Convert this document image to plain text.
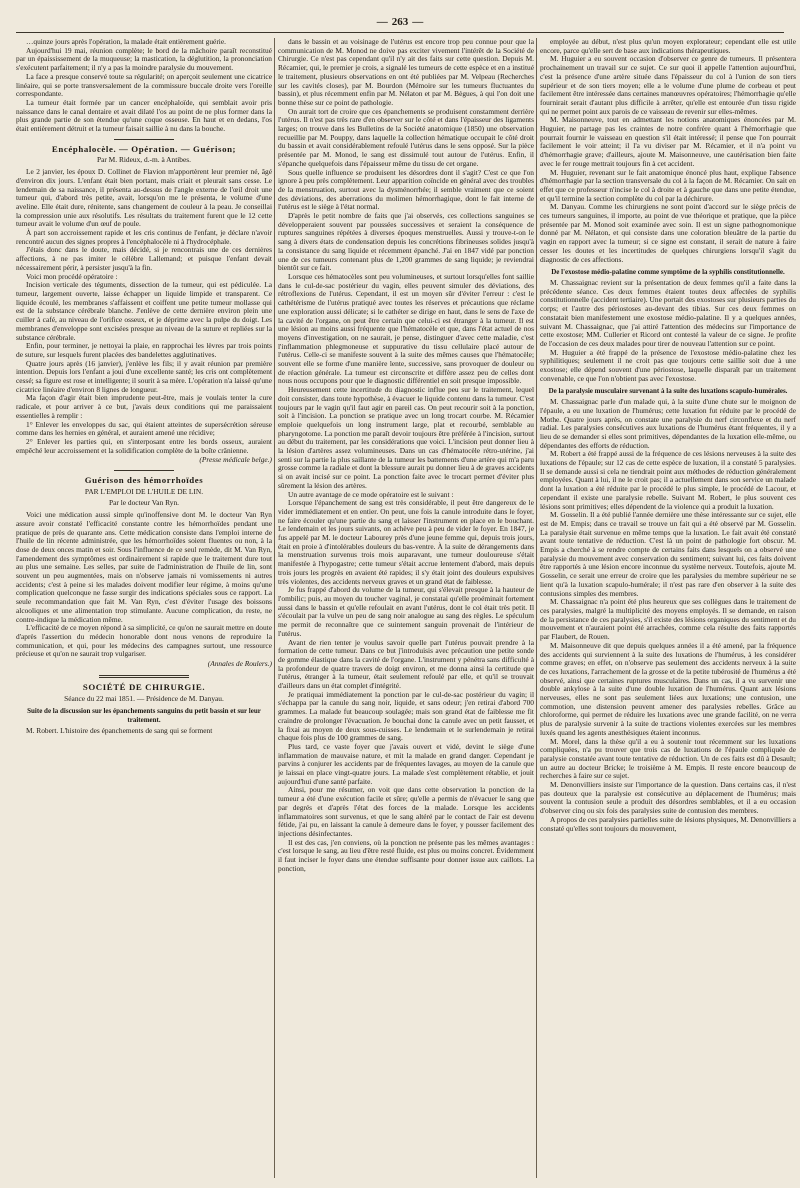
— 263 —

…quinze jours après l'opération, la malade était entièrement guérie.

Aujourd'hui 19 mai, réunion complète; le bord de la mâchoire paraît reconstitué par un épaississement de la muqueuse; la mastication, la déglutition, la prononciation s'exécutent parfaitement; il n'y a pas la moindre paralysie du mouvement.

La face a presque conservé toute sa régularité; on aperçoit seulement une cicatrice linéaire, qui se porte transversalement de la commissure buccale droite vers l'oreille correspondante.

La tumeur était formée par un cancer encéphaloïde, qui semblait avoir pris naissance dans le canal dentaire et avait dilaté l'os au point de ne plus former dans la plus grande partie de son étendue qu'une coque osseuse. En haut et en dedans, l'os était entièrement détruit et la tumeur faisait saillie à nu dans la bouche.

Encéphalocèle. — Opération. — Guérison;

Par M. Rideux, d.-m. à Antibes.

Le 2 janvier, les époux D. Collinet de Flavion m'apportèrent leur premier né, âgé d'environ dix jours. L'enfant était bien portant, mais criait et pleurait sans cesse. Le lendemain de sa naissance, il présenta au-dessus de l'angle externe de l'œil droit une tumeur qui, d'abord très petite, avait, lorsqu'on me le présenta, le volume d'une aveline. Elle était dure, rénitente, sans changement de couleur à la peau. Je conseillai la compression unie aux résolutifs. Les résultats du traitement furent que le 12 cette tumeur avait le volume d'un œuf de poule.

À part son accroissement rapide et les cris continus de l'enfant, je déclare n'avoir rencontré aucun des signes propres à l'encéphalocèle ni à l'hydrocéphale.

J'étais donc dans le doute, mais décidé, si je rencontrais une de ces dernières affections, à ne pas imiter le célèbre Lallemand; et puisque l'enfant devait nécessairement périr, à persister jusqu'à la fin.

Voici mon procédé opératoire :

Incision verticale des téguments, dissection de la tumeur, qui est pédiculée. La tumeur, largement ouverte, laisse échapper un liquide limpide et transparent. Ce liquide écoulé, les membranes s'affaissent et coiffent une petite tumeur mollasse qui est de la substance cérébrale blanche. J'enlève de cette dernière environ plein une cuiller à café, au niveau de l'orifice osseux, et je déprime avec la pulpe du doigt. Les membranes d'enveloppe sont excisées presque au niveau de la suture et repliées sur la substance cérébrale.

Enfin, pour terminer, je nettoyai la plaie, en rapprochai les lèvres par trois points de suture, sur lesquels furent placées des bandelettes agglutinatives.

Quatre jours après (16 janvier), j'enlève les fils; il y avait réunion par première intention. Depuis lors l'enfant a joui d'une excellente santé; les cris ont complètement cessé; sa figure est rose et intelligente; il sourit à sa mère. L'opération n'a laissé qu'une cicatrice linéaire d'environ 8 lignes de longueur.

Ma façon d'agir était bien imprudente peut-être, mais je voulais tenter la cure radicale, et pour arriver à ce but, j'avais deux conditions qui me paraissaient essentielles à remplir :

1° Enlever les enveloppes du sac, qui étaient atteintes de supersécrétion séreuse comme dans les hernies en général, et auraient amené une récidive;

2° Enlever les parties qui, en s'interposant entre les bords osseux, auraient empêché leur accroissement et la solidification complète de la boîte crânienne.

(Presse médicale belge.)

Guérison des hémorrhoïdes

PAR L'EMPLOI DE L'HUILE DE LIN.

Par le docteur Van Ryn.

Voici une médication aussi simple qu'inoffensive dont M. le docteur Van Ryn assure avoir constaté l'efficacité constante contre les hémorrhoïdes pendant une pratique de près de quarante ans. Cette médication consiste dans l'emploi interne de l'huile de lin récente administrée, que les hémorrhoïdes soient fluentes ou non, à la dose de deux onces matin et soir. Sous l'influence de ce seul remède, dit M. Van Ryn, l'amendement des symptômes est ordinairement si rapide que le traitement dure tout au plus une semaine. Les selles, par suite de l'administration de l'huile de lin, sont souvent un peu augmentées, mais on n'observe jamais ni vomissements ni autres accidents; c'est à peine si les malades doivent modifier leur régime, à moins qu'une complication quelconque ne fasse surgir des indications spéciales sous ce rapport. La seule recommandation que fait M. Van Ryn, c'est d'éviter l'usage des boissons alcooliques et une alimentation trop stimulante. Aucune complication, du reste, ne contre-indique la médication même.

L'efficacité de ce moyen répond à sa simplicité, ce qu'on ne saurait mettre en doute d'après l'assertion du médecin honorable dont nous venons de reproduire la communication, et qui, pour les médecins des campagnes surtout, une ressource précieuse et qu'on ne saurait trop vulgariser.

(Annales de Roulers.)

SOCIÉTÉ DE CHIRURGIE.

Séance du 22 mai 1851. — Présidence de M. Danyau.

Suite de la discussion sur les épanchements sanguins du petit bassin et sur leur traitement.

M. Robert. L'histoire des épanchements de sang qui se forment

dans le bassin et au voisinage de l'utérus est encore trop peu connue pour que la communication de M. Monod ne doive pas exciter vivement l'intérêt de la Société de Chirurgie. Ce n'est pas cependant qu'il n'y ait des faits sur cette question. Depuis M. Récamier, qui, le premier je crois, a signalé les tumeurs de cette espèce et en a institué le traitement, plusieurs observations en ont été publiées par M. Velpeau (Recherches sur les cavités closes), par M. Bourdon (Mémoire sur les tumeurs fluctuantes du bassin), et plus récemment enfin par M. Nélaton et par M. Bègues, à qui l'on doit une bonne thèse sur ce point de pathologie.

On aurait tort de croire que ces épanchements se produisent constamment derrière l'utérus. Il n'est pas très rare d'en observer sur le côté et dans l'épaisseur des ligaments larges; on trouve dans les Bulletins de la Société anatomique (1850) une observation recueillie par M. Pouppy, dans laquelle la collection hématique occupait le côté droit du bassin et avait considérablement refoulé l'utérus dans le sens opposé. Sur la pièce présentée par M. Monod, le sang est dissimulé tout autour de l'utérus. Enfin, il s'épanche quelquefois dans l'épaisseur même du tissu de cet organe.

Sous quelle influence se produisent les désordres dont il s'agit? C'est ce que l'on ignore à peu près complètement. Leur apparition coïncide en général avec des troubles de la menstruation, surtout avec la dysménorrhée; il semble vraiment que ce soient des déviations, des aberrations du molimen hémorrhagique, dont le fait interne de l'utérus est le siège à l'état normal.

D'après le petit nombre de faits que j'ai observés, ces collections sanguines se développeraient souvent par poussées successives et seraient la conséquence de ruptures sanguines répétées à diverses époques menstruelles. Aussi y trouve-t-on le sang à divers états de condensation depuis les concrétions fibrineuses solides jusqu'à la consistance du sang liquide et récemment épanché. J'ai en 1847 vidé par ponction une de ces tumeurs contenant plus de 1,200 grammes de sang liquide; je reviendrai bientôt sur ce fait.

Lorsque ces hématocèles sont peu volumineuses, et surtout lorsqu'elles font saillie dans le cul-de-sac postérieur du vagin, elles peuvent simuler des déviations, des rétroflexions de l'utérus. Cependant, il est un moyen sûr d'éviter l'erreur : c'est le cathétérisme de l'utérus pratiqué avec toutes les réserves et précautions que réclame une exploration aussi délicate; si le cathéter se dirige en haut, dans le sens de l'axe de la cavité de l'organe, on peut être certain que celui-ci est étranger à la tumeur. Il est une lésion au moins aussi fréquente que l'hématocèle et que, dans l'état actuel de nos moyens d'investigation, on ne saurait, je pense, distinguer d'avec cette maladie, c'est l'inflammation phlegmoneuse et suppurative du tissu cellulaire placé autour de l'utérus. Celle-ci se manifeste souvent à la suite des mêmes causes que l'hématocèle; souvent elle se forme d'une manière lente, successive, sans provoquer de douleur ou de réaction générale. La tumeur est circonscrite et diffère assez peu de celles dont nous nous occupons pour que le diagnostic différentiel en soit presque impossible.

Heureusement cette incertitude du diagnostic influe peu sur le traitement, lequel doit consister, dans toute hypothèse, à évacuer le liquide contenu dans la tumeur. C'est toujours par le vagin qu'il faut agir en pareil cas. On peut recourir soit à la ponction, soit à l'incision. La ponction se pratique avec un long trocart courbe. M. Récamier emploie quelquefois un long instrument large, plat et recourbé, semblable au pharyngotome. La ponction me paraît devoir toujours être préférée à l'incision, surtout au début du traitement, par les considérations que voici. L'incision peut donner lieu à la lésion d'artères assez volumineuses. Dans un cas d'hématocèle rétro-utérine, j'ai senti sur la partie la plus saillante de la tumeur les battements d'une artère qui m'a paru grosse comme la radiale et dont la blessure aurait pu donner lieu à de graves accidents si on avait incisé sur ce point. La ponction faite avec le trocart permet d'éviter plus sûrement la lésion des artères.

Un autre avantage de ce mode opératoire est le suivant :

Lorsque l'épanchement de sang est très considérable, il peut être dangereux de le vider immédiatement et en entier. On peut, une fois la canule introduite dans le foyer, ne faire écouler qu'une partie du sang et laisser l'instrument en place en le bouchant. Le lendemain et les jours suivants, on achève peu à peu de vider le foyer. En 1847, je fus appelé par M. le docteur Labourey près d'une jeune femme qui, depuis trois jours, était en proie à d'intolérables douleurs du bas-ventre. À la suite de dérangements dans la menstruation survenus trois mois auparavant, une tumeur douloureuse s'était manifestée à l'hypogastre; cette tumeur s'était accrue lentement d'abord, mais depuis trois jours les progrès en avaient été rapides; il s'y était joint des douleurs expulsives très violentes, des accidents nerveux graves et un grand état de faiblesse.

Je fus frappé d'abord du volume de la tumeur, qui s'élevait presque à la hauteur de l'ombilic; puis, au moyen du toucher vaginal, je constatai qu'elle proéminait fortement aussi dans le bassin et qu'elle refoulait en avant l'utérus, dont le col était très petit. Il s'écoulait par la vulve un peu de sang noir analogue au sang des règles. Le spéculum me permit de reconnaître que ce suintement sanguin provenait de l'intérieur de l'utérus.

Avant de rien tenter je voulus savoir quelle part l'utérus pouvait prendre à la formation de cette tumeur. Dans ce but j'introduisis avec précaution une petite sonde de gomme élastique dans la cavité de l'organe. L'instrument y pénétra sans difficulté à la profondeur de quatre travers de doigt environ, et me donna ainsi la certitude que l'utérus, étranger à la tumeur, était seulement refoulé par elle, et qu'il se trouvait d'ailleurs dans un état complet d'intégrité.

Je pratiquai immédiatement la ponction par le cul-de-sac postérieur du vagin; il s'échappa par la canule du sang noir, liquide, et sans odeur; j'en retirai d'abord 700 grammes. La malade fut beaucoup soulagée; mais son grand état de faiblesse me fit craindre de prolonger l'évacuation. Je bouchai donc la canule avec un petit fausset, et la fixai au moyen de deux sous-cuisses. Le lendemain et le surlendemain je retirai chaque fois plus de 100 grammes de sang.

Plus tard, ce vaste foyer que j'avais ouvert et vidé, devint le siège d'une inflammation de mauvaise nature, et mit la malade en grand danger. Cependant je parvins à conjurer les accidents par de fréquentes lavages, au moyen de la canule que je laissai en place vingt-quatre jours. La malade s'est complètement rétablie, et jouit aujourd'hui d'une santé parfaite.

Ainsi, pour me résumer, on voit que dans cette observation la ponction de la tumeur a été d'une exécution facile et sûre; qu'elle a permis de n'évacuer le sang que par degrés et d'après l'état des forces de la malade. Lorsque les accidents inflammatoires sont survenus, et que le sang altéré par le contact de l'air est devenu fétide, j'ai pu, en laissant la canule à demeure dans le foyer, y pousser facilement des injections désinfectantes.

Il est des cas, j'en conviens, où la ponction ne présente pas les mêmes avantages : c'est lorsque le sang, au lieu d'être resté fluide, est plus ou moins concret. Évidemment il faut inciser le foyer dans une étendue suffisante pour donner issue aux caillots. La ponction,

employée au début, n'est plus qu'un moyen explorateur; cependant elle est utile encore, parce qu'elle sert de base aux indications thérapeutiques.

M. Huguier a eu souvent occasion d'observer ce genre de tumeurs. Il présentera prochainement un travail sur ce sujet. Ce sur quoi il appelle l'attention aujourd'hui, c'est la présence d'une artère située dans l'épaisseur du col à l'union de son tiers supérieur et de son tiers moyen; elle a le volume d'une plume de corbeau et peut facilement être intéressée dans certaines manœuvres opératoires; l'hémorrhagie qu'elle fournirait serait d'autant plus difficile à arrêter, qu'elle est entourée d'un tissu rigide qui ne permet point aux parois de ce vaisseau de revenir sur elles-mêmes.

M. Maisonneuve, tout en admettant les notions anatomiques énoncées par M. Huguier, ne partage pas les craintes de notre confrère quant à l'hémorrhagie que pourrait fournir le vaisseau en question s'il était intéressé; il pense que l'on pourrait facilement le voir atteint; il l'a vu diviser par M. Récamier, et il n'a point vu d'hémorrhagie grave; d'ailleurs, ajoute M. Maisonneuve, une cautérisation bien faite avec le fer rouge mettrait toujours fin à cet accident.

M. Huguier, revenant sur le fait anatomique énoncé plus haut, explique l'absence d'hémorrhagie par la section transversale du col à la façon de M. Récamier. On sait en effet que ce professeur n'incise le col à droite et à gauche que dans une petite étendue, et qu'il termine la section complète du col par la déchirure.

M. Danyau. Comme les chirurgiens ne sont point d'accord sur le siège précis de ces tumeurs sanguines, il importe, au point de vue théorique et pratique, que la pièce présentée par M. Monod soit examinée avec soin. Il est un signe pathognomonique donné par M. Nélaton, et qui consiste dans une coloration bleuâtre de la partie du vagin en rapport avec la tumeur; si ce signe est constant, il serait de nature à faire cesser les doutes et les incertitudes de quelques chirurgiens lorsqu'il s'agit du diagnostic de ces affections.

De l'exostose médio-palatine comme symptôme de la syphilis constitutionnelle.

M. Chassaignac revient sur la présentation de deux femmes qu'il a faite dans la précédente séance. Ces deux femmes étaient toutes deux affectées de syphilis constitutionnelle (accident tertiaire). Une portait des exostoses sur plusieurs parties du corps; et l'autre des périostoses au-devant des tibias. Sur ces deux femmes on constatait bien manifestement une exostose médio-palatine. Il y a quelques années, suivant M. Chassaignac, que j'ai attiré l'attention des médecins sur l'importance de cette exostose; MM. Cullerier et Ricord ont contesté la valeur de ce signe. Je profite de l'occasion de ces deux malades pour tirer de nouveau l'attention sur ce point.

M. Huguier a été frappé de la présence de l'exostose médio-palatine chez les syphilitiques; seulement il ne croit pas que toujours cette saillie soit due à une exostose; elle dépend souvent d'une périostose, laquelle disparaît par un traitement convenable, ce que l'on n'obtient pas avec l'exostose.

De la paralysie musculaire survenant à la suite des luxations scapulo-humérales.

M. Chassaignac parle d'un malade qui, à la suite d'une chute sur le moignon de l'épaule, a eu une luxation de l'humérus; cette luxation fut réduite par le procédé de Mothe. Quatre jours après, on constate une paralysie du nerf circonflexe et du nerf radial. Les paralysies consécutives aux luxations de l'humérus étant fréquentes, il y a lieu de se demander si elles sont primitives, dépendantes de la luxation elle-même, ou dépendantes des efforts de réduction.

M. Robert a été frappé aussi de la fréquence de ces lésions nerveuses à la suite des luxations de l'épaule; sur 12 cas de cette espèce de luxation, il a constaté 5 paralysies. Il se demande aussi si cela ne tiendrait point aux méthodes de réduction généralement employées. Quant à lui, il ne le croit pas; il a actuellement dans son service un malade dont la luxation a été réduite par le procédé le plus simple, le procédé de Lacour, et cependant il existe une paralysie rebelle. Suivant M. Robert, le plus souvent ces lésions sont primitives; elles dépendent de la violence qui a produit la luxation.

M. Gosselin. Il a été publié l'année dernière une thèse intéressante sur ce sujet, elle est de M. Empis; dans ce travail se trouve un fait qui a été observé par M. Gosselin. La paralysie était survenue en même temps que la luxation. Le fait avait été constaté avant toute tentative de réduction. C'est là un point de pathologie fort obscur. M. Empis a cherché à se rendre compte de certains faits dans lesquels on a observé une paralysie du mouvement avec conservation du sentiment; suivant lui, ces faits doivent être rapportés à une lésion encore inconnue du système nerveux. Toutefois, ajoute M. Gosselin, ce serait une erreur de croire que les paralysies du membre supérieur ne se lient qu'à la luxation scapulo-humérale; il n'est pas rare d'en observer à la suite des contusions simples des membres.

M. Chassaignac n'a point été plus heureux que ses collègues dans le traitement de ces paralysies, malgré la multiplicité des moyens employés. Il se demande, en raison de la persistance de ces paralysies, s'il existe des lésions organiques du sentiment et du mouvement et n'auraient point été arrachées, comme cela résulte des faits rapportés par Flaubert, de Rouen.

M. Maisonneuve dit que depuis quelques années il a été amené, par la fréquence des accidents qui surviennent à la suite des luxations de l'humérus, à les considérer comme graves; en effet, on n'observe pas seulement des accidents nerveux à la suite de ces luxations, l'arrachement de la grosse et de la petite tubérosité de l'humérus a été observé, ainsi que certaines ruptures musculaires. Dans un cas, il a vu survenir une double ankylose à la suite d'une double luxation de l'humérus. Quant aux lésions nerveuses, elles ne sont pas seulement liées aux luxations; une contusion, une commotion, une distension peuvent amener des paralysies rebelles. Grâce au chloroforme, qui permet de réduire les luxations avec une grande facilité, on ne verra plus de paralysie survenir à la suite de tractions violentes exercées sur les membres luxés quand les agents anesthésiques étaient inconnus.

M. Morel, dans la thèse qu'il a eu à soutenir tout récemment sur les luxations compliquées, n'a pu trouver que trois cas de luxations de l'épaule compliquée de paralysie constatée avant toute tentative de réduction. Un de ces faits est dû à Desault; un autre au docteur Bricke; le troisième à M. Empis. Il reste encore beaucoup de recherches à faire sur ce sujet.

M. Denonvilliers insiste sur l'importance de la question. Dans certains cas, il n'est pas douteux que la paralysie est consécutive au déplacement de l'humérus; mais souvent la contusion seule a produit des désordres semblables, et il a eu occasion d'observer cinq ou six fois des paralysies suite de contusion des membres.

A propos de ces paralysies partielles suite de lésions physiques, M. Denonvilliers a constaté qu'elles sont toujours du mouvement,
